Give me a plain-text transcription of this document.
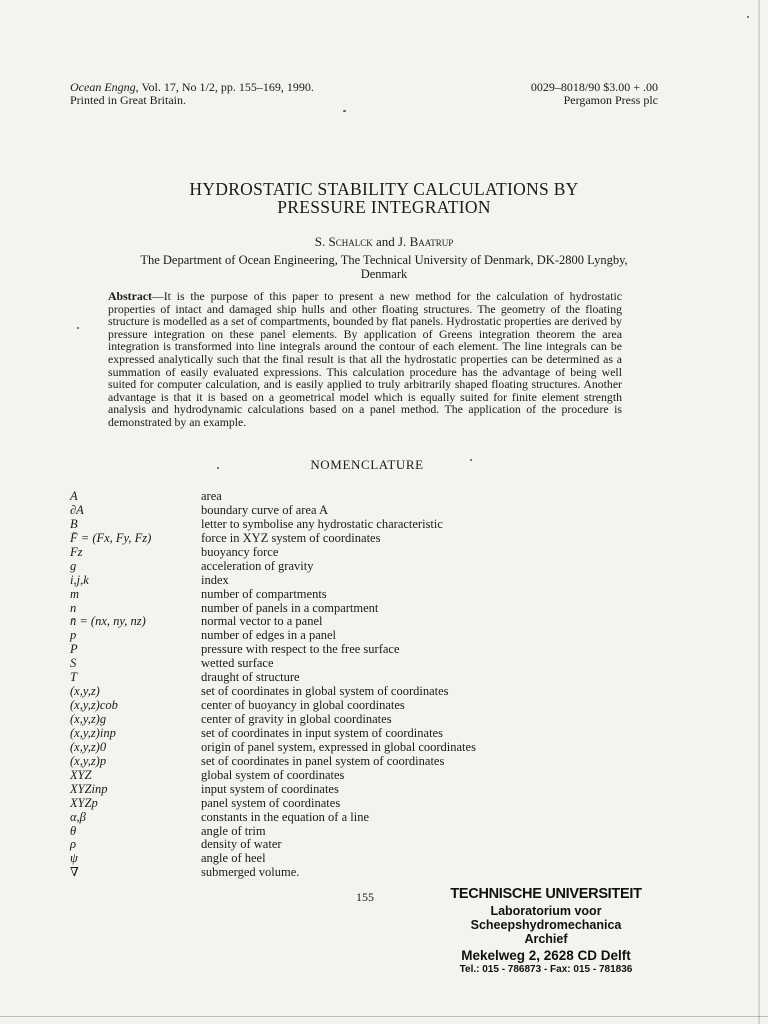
Ocean Engng, Vol. 17, No 1/2, pp. 155–169, 1990.
Printed in Great Britain.
0029–8018/90 $3.00 + .00
Pergamon Press plc
HYDROSTATIC STABILITY CALCULATIONS BY
PRESSURE INTEGRATION
S. Schalck and J. Baatrup
The Department of Ocean Engineering, The Technical University of Denmark, DK-2800 Lyngby,
Denmark
Abstract—It is the purpose of this paper to present a new method for the calculation of hydrostatic properties of intact and damaged ship hulls and other floating structures. The geometry of the floating structure is modelled as a set of compartments, bounded by flat panels. Hydrostatic properties are derived by pressure integration on these panel elements. By application of Greens integration theorem the area integration is transformed into line integrals around the contour of each element. The line integrals can be expressed analytically such that the final result is that all the hydrostatic properties can be determined as a summation of easily evaluated expressions. This calculation procedure has the advantage of being well suited for computer calculation, and is easily applied to truly arbitrarily shaped floating structures. Another advantage is that it is based on a geometrical model which is equally suited for finite element strength analysis and hydrodynamic calculations based on a panel method. The application of the procedure is demonstrated by an example.
NOMENCLATURE
A	area
∂A	boundary curve of area A
B	letter to symbolise any hydrostatic characteristic
F̄ = (Fx, Fy, Fz)	force in XYZ system of coordinates
Fz	buoyancy force
g	acceleration of gravity
i,j,k	index
m	number of compartments
n	number of panels in a compartment
n̄ = (nx, ny, nz)	normal vector to a panel
p	number of edges in a panel
P	pressure with respect to the free surface
S	wetted surface
T	draught of structure
(x,y,z)	set of coordinates in global system of coordinates
(x,y,z)cob	center of buoyancy in global coordinates
(x,y,z)g	center of gravity in global coordinates
(x,y,z)inp	set of coordinates in input system of coordinates
(x,y,z)0	origin of panel system, expressed in global coordinates
(x,y,z)p	set of coordinates in panel system of coordinates
XYZ	global system of coordinates
XYZinp	input system of coordinates
XYZp	panel system of coordinates
α,β	constants in the equation of a line
θ	angle of trim
ρ	density of water
ψ	angle of heel
∇	submerged volume.
155	TECHNISCHE UNIVERSITEIT
Laboratorium voor
Scheepshydromechanica
Archief
Mekelweg 2, 2628 CD Delft
Tel.: 015 - 786873 - Fax: 015 - 781836
